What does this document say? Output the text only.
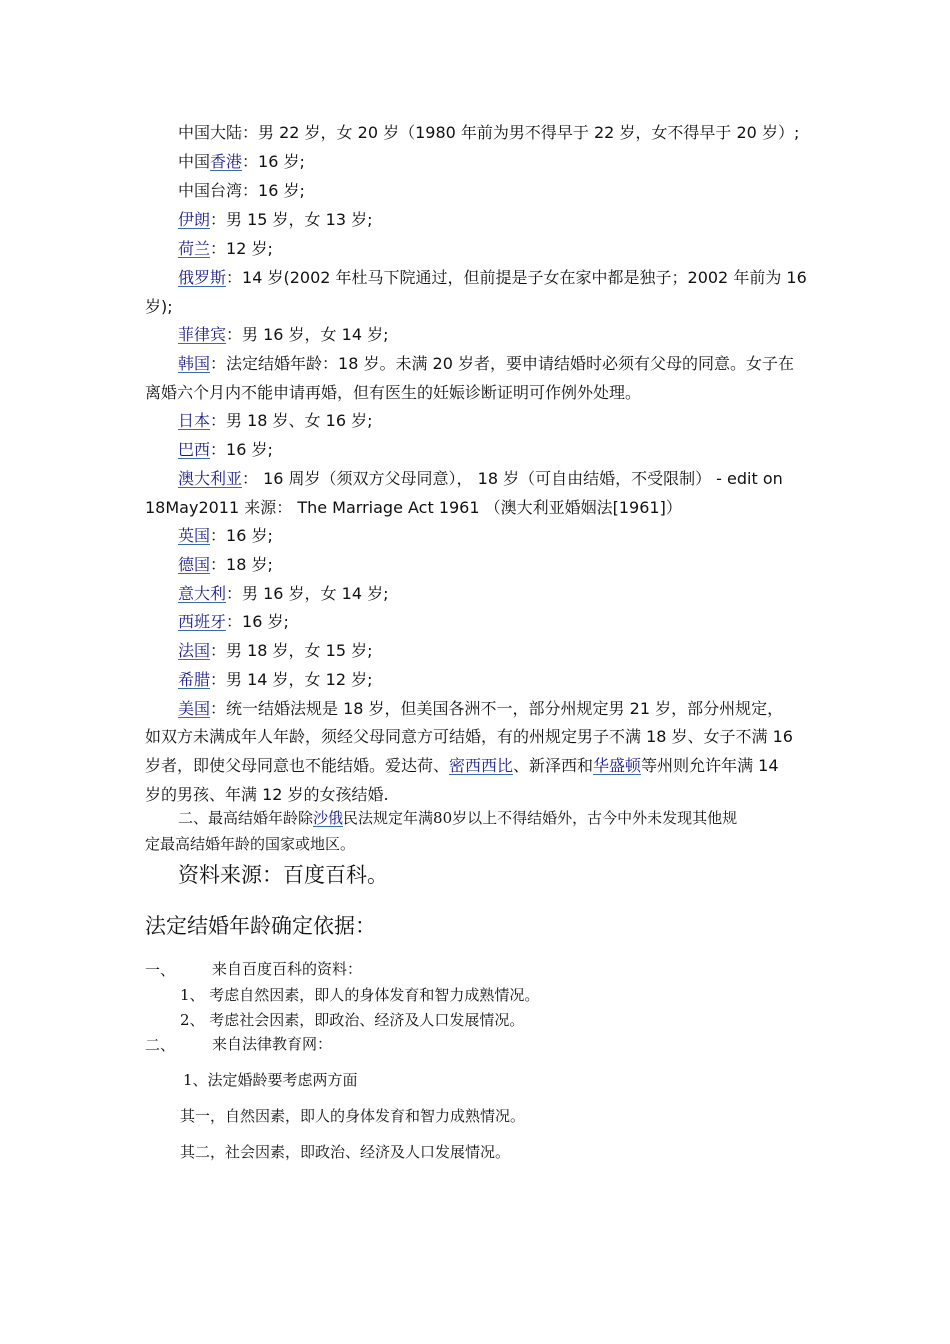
中国大陆：男 22 岁，女 20 岁（1980 年前为男不得早于 22 岁，女不得早于 20 岁）;
中国香港：16 岁;
中国台湾：16 岁;
伊朗：男 15 岁，女 13 岁;
荷兰：12 岁;
俄罗斯：14 岁(2002 年杜马下院通过，但前提是子女在家中都是独子；2002 年前为 16
岁);
菲律宾：男 16 岁，女 14 岁;
韩国：法定结婚年龄：18 岁。未满 20 岁者，要申请结婚时必须有父母的同意。女子在
离婚六个月内不能申请再婚，但有医生的妊娠诊断证明可作例外处理。
日本：男 18 岁、女 16 岁;
巴西：16 岁;
澳大利亚： 16 周岁（须双方父母同意）， 18 岁（可自由结婚，不受限制） - edit on
18May2011 来源： The Marriage Act 1961 （澳大利亚婚姻法[1961]）
英国：16 岁;
德国：18 岁;
意大利：男 16 岁，女 14 岁;
西班牙：16 岁;
法国：男 18 岁，女 15 岁;
希腊：男 14 岁，女 12 岁;
美国：统一结婚法规是 18 岁，但美国各洲不一，部分州规定男 21 岁，部分州规定，
如双方未满成年人年龄，须经父母同意方可结婚，有的州规定男子不满 18 岁、女子不满 16
岁者，即使父母同意也不能结婚。爱达荷、密西西比、新泽西和华盛顿等州则允许年满 14
岁的男孩、年满 12 岁的女孩结婚.
二、最高结婚年龄除沙俄民法规定年满80岁以上不得结婚外，古今中外未发现其他规
定最高结婚年龄的国家或地区。
资料来源：百度百科。
法定结婚年龄确定依据：
一、 来自百度百科的资料：
1、 考虑自然因素，即人的身体发育和智力成熟情况。
2、 考虑社会因素，即政治、经济及人口发展情况。
二、 来自法律教育网：
1、法定婚龄要考虑两方面
其一，自然因素，即人的身体发育和智力成熟情况。
其二，社会因素，即政治、经济及人口发展情况。
